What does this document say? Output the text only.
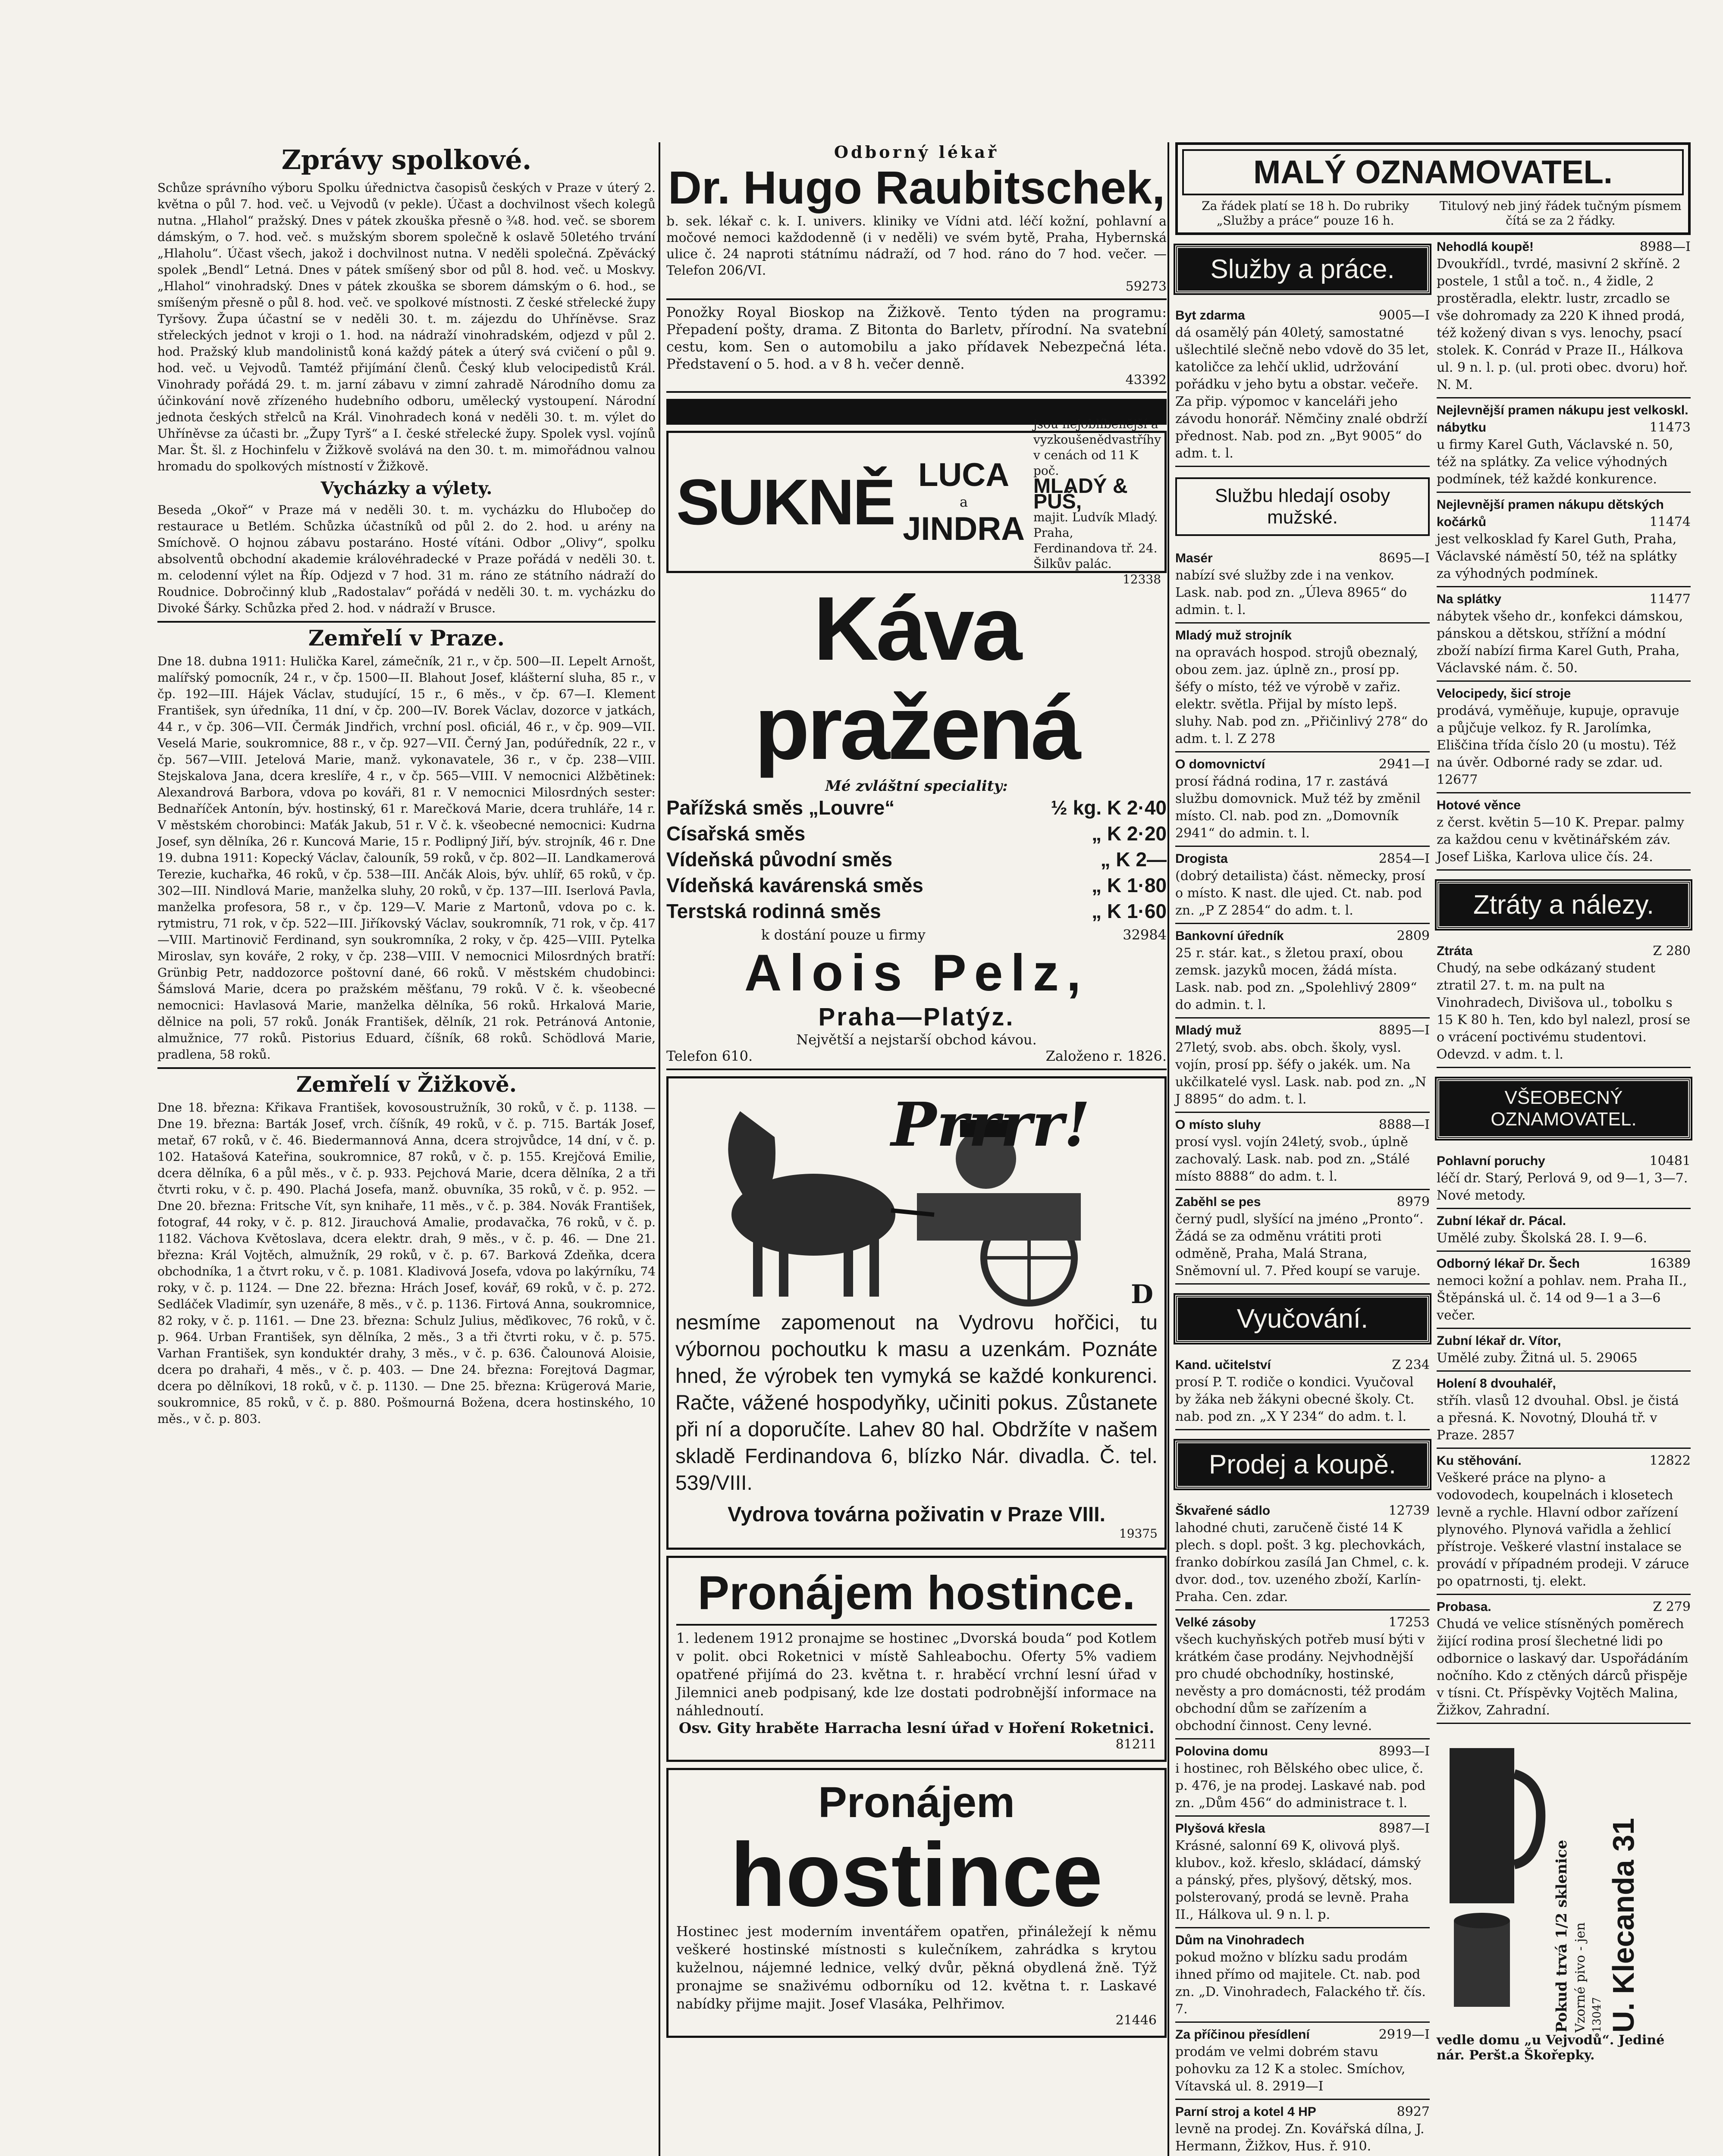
Zprávy spolkové.
Schůze správního výboru Spolku úřednictva časopisů českých v Praze v úterý 2. května o půl 7. hod. več. u Vejvodů (v pekle). Účast a dochvilnost všech kolegů nutna. „Hlahol“ pražský. Dnes v pátek zkouška přesně o ¾8. hod. več. se sborem dámským, o 7. hod. več. s mužským sborem společně k oslavě 50letého trvání „Hlaholu“. Účast všech, jakož i dochvilnost nutna. V neděli společná. Zpěvácký spolek „Bendl“ Letná. Dnes v pátek smíšený sbor od půl 8. hod. več. u Moskvy. „Hlahol“ vinohradský. Dnes v pátek zkouška se sborem dámským o 6. hod., se smíšeným přesně o půl 8. hod. več. ve spolkové místnosti. Z české střelecké župy Tyršovy. Župa účastní se v neděli 30. t. m. zájezdu do Uhříněvse. Sraz střeleckých jednot v kroji o 1. hod. na nádraží vinohradském, odjezd v půl 2. hod. Pražský klub mandolinistů koná každý pátek a úterý svá cvičení o půl 9. hod. več. u Vejvodů. Tamtéž přijímání členů. Český klub velocipedistů Král. Vinohrady pořádá 29. t. m. jarní zábavu v zimní zahradě Národního domu za účinkování nově zřízeného hudebního odboru, umělecký vystoupení. Národní jednota českých střelců na Král. Vinohradech koná v neděli 30. t. m. výlet do Uhříněvse za účasti br. „Župy Tyrš“ a I. české střelecké župy. Spolek vysl. vojínů Mar. Št. šl. z Hochinfelu v Žižkově svolává na den 30. t. m. mimořádnou valnou hromadu do spolkových místností v Žižkově.
Vycházky a výlety.
Beseda „Okoř“ v Praze má v neděli 30. t. m. vycházku do Hlubočep do restaurace u Betlém. Schůzka účastníků od půl 2. do 2. hod. u arény na Smíchově. O hojnou zábavu postaráno. Hosté vítáni. Odbor „Olivy“, spolku absolventů obchodní akademie královéhradecké v Praze pořádá v neděli 30. t. m. celodenní výlet na Říp. Odjezd v 7 hod. 31 m. ráno ze státního nádraží do Roudnice. Dobročinný klub „Radostalav“ pořádá v neděli 30. t. m. vycházku do Divoké Šárky. Schůzka před 2. hod. v nádraží v Brusce.
Zemřelí v Praze.
Dne 18. dubna 1911: Hulička Karel, zámečník, 21 r., v čp. 500—II. Lepelt Arnošt, malířský pomocník, 24 r., v čp. 1500—II. Blahout Josef, klášterní sluha, 85 r., v čp. 192—III. Hájek Václav, studující, 15 r., 6 měs., v čp. 67—I. Klement František, syn úředníka, 11 dní, v čp. 200—IV. Borek Václav, dozorce v jatkách, 44 r., v čp. 306—VII. Čermák Jindřich, vrchní posl. oficiál, 46 r., v čp. 909—VII. Veselá Marie, soukromnice, 88 r., v čp. 927—VII. Černý Jan, podúředník, 22 r., v čp. 567—VIII. Jetelová Marie, manž. vykonavatele, 36 r., v čp. 238—VIII. Stejskalova Jana, dcera kreslíře, 4 r., v čp. 565—VIII. V nemocnici Alžbětinek: Alexandrová Barbora, vdova po kováři, 81 r. V nemocnici Milosrdných sester: Bednaříček Antonín, býv. hostinský, 61 r. Marečková Marie, dcera truhláře, 14 r. V městském chorobinci: Maťák Jakub, 51 r. V č. k. všeobecné nemocnici: Kudrna Josef, syn dělníka, 26 r. Kuncová Marie, 15 r. Podlipný Jiří, býv. strojník, 46 r. Dne 19. dubna 1911: Kopecký Václav, čalouník, 59 roků, v čp. 802—II. Landkamerová Terezie, kuchařka, 46 roků, v čp. 538—III. Ančák Alois, býv. uhlíř, 65 roků, v čp. 302—III. Nindlová Marie, manželka sluhy, 20 roků, v čp. 137—III. Iserlová Pavla, manželka profesora, 58 r., v čp. 129—V. Marie z Martonů, vdova po c. k. rytmistru, 71 rok, v čp. 522—III. Jiříkovský Václav, soukromník, 71 rok, v čp. 417—VIII. Martinovič Ferdinand, syn soukromníka, 2 roky, v čp. 425—VIII. Pytelka Miroslav, syn kováře, 2 roky, v čp. 238—VIII. V nemocnici Milosrdných bratří: Grünbig Petr, naddozorce poštovní dané, 66 roků. V městském chudobinci: Šámslová Marie, dcera po pražském měšťanu, 79 roků. V č. k. všeobecné nemocnici: Havlasová Marie, manželka dělníka, 56 roků. Hrkalová Marie, dělnice na poli, 57 roků. Jonák František, dělník, 21 rok. Petránová Antonie, almužnice, 77 roků. Pistorius Eduard, číšník, 68 roků. Schödlová Marie, pradlena, 58 roků.
Zemřelí v Žižkově.
Dne 18. března: Křikava František, kovosoustružník, 30 roků, v č. p. 1138. — Dne 19. března: Barták Josef, vrch. číšník, 49 roků, v č. p. 715. Barták Josef, metař, 67 roků, v č. 46. Biedermannová Anna, dcera strojvůdce, 14 dní, v č. p. 102. Hatašová Kateřina, soukromnice, 87 roků, v č. p. 155. Krejčová Emilie, dcera dělníka, 6 a půl měs., v č. p. 933. Pejchová Marie, dcera dělníka, 2 a tři čtvrti roku, v č. p. 490. Plachá Josefa, manž. obuvníka, 35 roků, v č. p. 952. — Dne 20. března: Fritsche Vít, syn knihaře, 11 měs., v č. p. 384. Novák František, fotograf, 44 roky, v č. p. 812. Jirauchová Amalie, prodavačka, 76 roků, v č. p. 1182. Váchova Květoslava, dcera elektr. drah, 9 měs., v č. p. 46. — Dne 21. března: Král Vojtěch, almužník, 29 roků, v č. p. 67. Barková Zdeňka, dcera obchodníka, 1 a čtvrt roku, v č. p. 1081. Kladivová Josefa, vdova po lakýrníku, 74 roky, v č. p. 1124. — Dne 22. března: Hrách Josef, kovář, 69 roků, v č. p. 272. Sedláček Vladimír, syn uzenáře, 8 měs., v č. p. 1136. Firtová Anna, soukromnice, 82 roky, v č. p. 1161. — Dne 23. března: Schulz Julius, měďikovec, 76 roků, v č. p. 964. Urban František, syn dělníka, 2 měs., 3 a tři čtvrti roku, v č. p. 575. Varhan František, syn konduktér drahy, 3 měs., v č. p. 636. Čalounová Aloisie, dcera po drahaři, 4 měs., v č. p. 403. — Dne 24. března: Forejtová Dagmar, dcera po dělníkovi, 18 roků, v č. p. 1130. — Dne 25. března: Krügerová Marie, soukromnice, 85 roků, v č. p. 880. Pošmourná Božena, dcera hostinského, 10 měs., v č. p. 803.
Odborný lékař
Dr. Hugo Raubitschek,
b. sek. lékař c. k. I. univers. kliniky ve Vídni atd. léčí kožní, pohlavní a močové nemoci každodenně (i v neděli) ve svém bytě, Praha, Hybernská ulice č. 24 naproti státnímu nádraží, od 7 hod. ráno do 7 hod. večer. — Telefon 206/VI.
59273
Ponožky Royal Bioskop na Žižkově. Tento týden na programu: Přepadení pošty, drama. Z Bitonta do Barletv, přírodní. Na svatební cestu, kom. Sen o automobilu a jako přídavek Nebezpečná léta. Představení o 5. hod. a v 8 h. večer denně.
43392
SUKNĚ LUCA
a
JINDRA
jsou nejoblíbenější a vyzkoušenědvastříhy v cenách od 11 K poč.
MLADÝ & PUŠ,
majit. Ludvík Mladý. Praha, Ferdinandova tř. 24. Šilkův palác.
12338
Káva pražená
Mé zvláštní speciality:
Pařížská směs „Louvre“	½ kg. K 2·40
Císařská směs	„ K 2·20
Vídeňská původní směs	„ K 2—
Vídeňská kavárenská směs	„ K 1·80
Terstská rodinná směs	„ K 1·60
k dostání pouze u firmy	32984
Alois Pelz,
Praha—Platýz.
Největší a nejstarší obchod kávou.
Telefon 610.	Založeno r. 1826.
Prrrr!
D
nesmíme zapomenout na Vydrovu hořčici, tu výbornou pochoutku k masu a uzenkám. Poznáte hned, že výrobek ten vymyká se každé konkurenci. Račte, vážené hospodyňky, učiniti pokus. Zůstanete při ní a doporučíte. Lahev 80 hal. Obdržíte v našem skladě Ferdinandova 6, blízko Nár. divadla. Č. tel. 539/VIII.
Vydrova továrna poživatin v Praze VIII.
19375
Pronájem hostince.
1. ledenem 1912 pronajme se hostinec „Dvorská bouda“ pod Kotlem v polit. obci Roketnici v místě Sahleabochu. Oferty 5% vadiem opatřené přijímá do 23. května t. r. hraběcí vrchní lesní úřad v Jilemnici aneb podpisaný, kde lze dostati podrobnější informace na náhlednoutí.
Osv. Gity hraběte Harracha lesní úřad v Hoření Roketnici.
81211
Pronájem
hostince
Hostinec jest moderním inventářem opatřen, přináležejí k němu veškeré hostinské místnosti s kulečníkem, zahrádka s krytou kuželnou, nájemné lednice, velký dvůr, pěkná obydlená žně. Týž pronajme se snaživému odborníku od 12. května t. r. Laskavé nabídky přijme majit. Josef Vlasáka, Pelhřimov.
21446
MALÝ OZNAMOVATEL.
Za řádek platí se 18 h. Do rubriky „Služby a práce“ pouze 16 h.
Titulový neb jiný řádek tučným písmem čítá se za 2 řádky.
Služby a práce.
Byt zdarma	9005—I

dá osamělý pán 40letý, samostatné ušlechtilé slečně nebo vdově do 35 let, katoličce za lehčí uklid, udržování pořádku v jeho bytu a obstar. večeře. Za přip. výpomoc v kanceláři jeho závodu honorář. Němčiny znalé obdrží přednost. Nab. pod zn. „Byt 9005“ do adm. t. l.
Službu hledají osoby mužské.
Masér	8695—I

nabízí své služby zde i na venkov. Lask. nab. pod zn. „Úleva 8965“ do admin. t. l.
Mladý muž strojník

na opravách hospod. strojů obeznalý, obou zem. jaz. úplně zn., prosí pp. šéfy o místo, též ve výrobě v zařiz. elektr. světla. Přijal by místo lepš. sluhy. Nab. pod zn. „Přičinlivý 278“ do adm. t. l. Z 278
O domovnictví	2941—I

prosí řádná rodina, 17 r. zastává službu domovnick. Muž též by změnil místo. Cl. nab. pod zn. „Domovník 2941“ do admin. t. l.
Drogista	2854—I

(dobrý detailista) část. německy, prosí o místo. K nast. dle ujed. Ct. nab. pod zn. „P Z 2854“ do adm. t. l.
Bankovní úředník	2809

25 r. stár. kat., s žletou praxí, obou zemsk. jazyků mocen, žádá místa. Lask. nab. pod zn. „Spolehlivý 2809“ do admin. t. l.
Mladý muž	8895—I

27letý, svob. abs. obch. školy, vysl. vojín, prosí pp. šéfy o jakék. um. Na ukčilkatelé vysl. Lask. nab. pod zn. „N J 8895“ do adm. t. l.
O místo sluhy	8888—I

prosí vysl. vojín 24letý, svob., úplně zachovalý. Lask. nab. pod zn. „Stálé místo 8888“ do adm. t. l.
Zaběhl se pes	8979

černý pudl, slyšící na jméno „Pronto“. Žádá se za odměnu vrátiti proti odměně, Praha, Malá Strana, Sněmovní ul. 7. Před koupí se varuje.
Vyučování.
Kand. učitelství	Z 234

prosí P. T. rodiče o kondici. Vyučoval by žáka neb žákyni obecné školy. Ct. nab. pod zn. „X Y 234“ do adm. t. l.
Prodej a koupě.
Škvařené sádlo	12739

lahodné chuti, zaručeně čisté 14 K plech. s dopl. pošt. 3 kg. plechovkách, franko dobírkou zasílá Jan Chmel, c. k. dvor. dod., tov. uzeného zboží, Karlín-Praha. Cen. zdar.
Velké zásoby	17253

všech kuchyňských potřeb musí býti v krátkém čase prodány. Nejvhodnější pro chudé obchodníky, hostinské, nevěsty a pro domácnosti, též prodám obchodní dům se zařízením a obchodní činnost. Ceny levné.
Polovina domu	8993—I

i hostinec, roh Bělského obec ulice, č. p. 476, je na prodej. Laskavé nab. pod zn. „Dům 456“ do administrace t. l.
Plyšová křesla	8987—I

Krásné, salonní 69 K, olivová plyš. klubov., kož. křeslo, skládací, dámský a pánský, přes, plyšový, dětský, mos. polsterovaný, prodá se levně. Praha II., Hálkova ul. 9 n. l. p.
Dům na Vinohradech

pokud možno v blízku sadu prodám ihned přímo od majitele. Ct. nab. pod zn. „D. Vinohradech, Falackého tř. čís. 7.
Za příčinou přesídlení	2919—I

prodám ve velmi dobrém stavu pohovku za 12 K a stolec. Smíchov, Vítavská ul. 8. 2919—I
Parní stroj a kotel 4 HP	8927

levně na prodej. Zn. Kovářská dílna, J. Hermann, Žižkov, Hus. ř. 910.
Nehodlá koupě!	8988—I

Dvoukřídl., tvrdé, masivní 2 skříně. 2 postele, 1 stůl a toč. n., 4 židle, 2 prostěradla, elektr. lustr, zrcadlo se vše dohromady za 220 K ihned prodá, též kožený divan s vys. lenochy, psací stolek. K. Conrád v Praze II., Hálkova ul. 9 n. l. p. (ul. proti obec. dvoru) hoř. N. M.
Nejlevnější pramen nákupu jest velkoskl. nábytku	11473

u firmy Karel Guth, Václavské n. 50, též na splátky. Za velice výhodných podmínek, též každé konkurence.
Nejlevnější pramen nákupu dětských kočárků	11474

jest velkosklad fy Karel Guth, Praha, Václavské náměstí 50, též na splátky za výhodných podmínek.
Na splátky	11477

nábytek všeho dr., konfekci dámskou, pánskou a dětskou, střížní a módní zboží nabízí firma Karel Guth, Praha, Václavské nám. č. 50.
Velocipedy, šicí stroje

prodává, vyměňuje, kupuje, opravuje a půjčuje velkoz. fy R. Jarolímka, Eliščina třída číslo 20 (u mostu). Též na úvěr. Odborné rady se zdar. ud. 12677
Hotové věnce

z čerst. květin 5—10 K. Prepar. palmy za každou cenu v květinářském záv. Josef Liška, Karlova ulice čís. 24.
Ztráty a nálezy.
Ztráta	Z 280

Chudý, na sebe odkázaný student ztratil 27. t. m. na pult na Vinohradech, Divišova ul., tobolku s 15 K 80 h. Ten, kdo byl nalezl, prosí se o vrácení poctivému studentovi. Odevzd. v adm. t. l.
VŠEOBECNÝ OZNAMOVATEL.
Pohlavní poruchy	10481

léčí dr. Starý, Perlová 9, od 9—1, 3—7. Nové metody.
Zubní lékař dr. Pácal.

Umělé zuby. Školská 28. I. 9—6.
Odborný lékař Dr. Šech	16389

nemoci kožní a pohlav. nem. Praha II., Štěpánská ul. č. 14 od 9—1 a 3—6 večer.
Zubní lékař dr. Vítor,

Umělé zuby. Žitná ul. 5. 29065
Holení 8 dvouhaléř,

stříh. vlasů 12 dvouhal. Obsl. je čistá a přesná. K. Novotný, Dlouhá tř. v Praze. 2857
Ku stěhování.	12822

Veškeré práce na plyno- a vodovodech, koupelnách i klosetech levně a rychle. Hlavní odbor zařízení plynového. Plynová vařidla a žehlicí přístroje. Veškeré vlastní instalace se provádí v případném prodeji. V záruce po opatrnosti, tj. elekt.
Probasa.	Z 279

Chudá ve velice stísněných poměrech žijící rodina prosí šlechetné lidi po odbornice o laskavý dar. Uspořádáním nočního. Kdo z ctěných dárců přispěje v tísni. Ct. Příspěvky Vojtěch Malina, Žižkov, Zahradní.
Pokud trvá 1/2 sklenice Vzorné pivo - jen 13047 U. Klecanda 31
vedle domu „u Vejvodů“. Jediné nár. Peršt.a Škořepky.
